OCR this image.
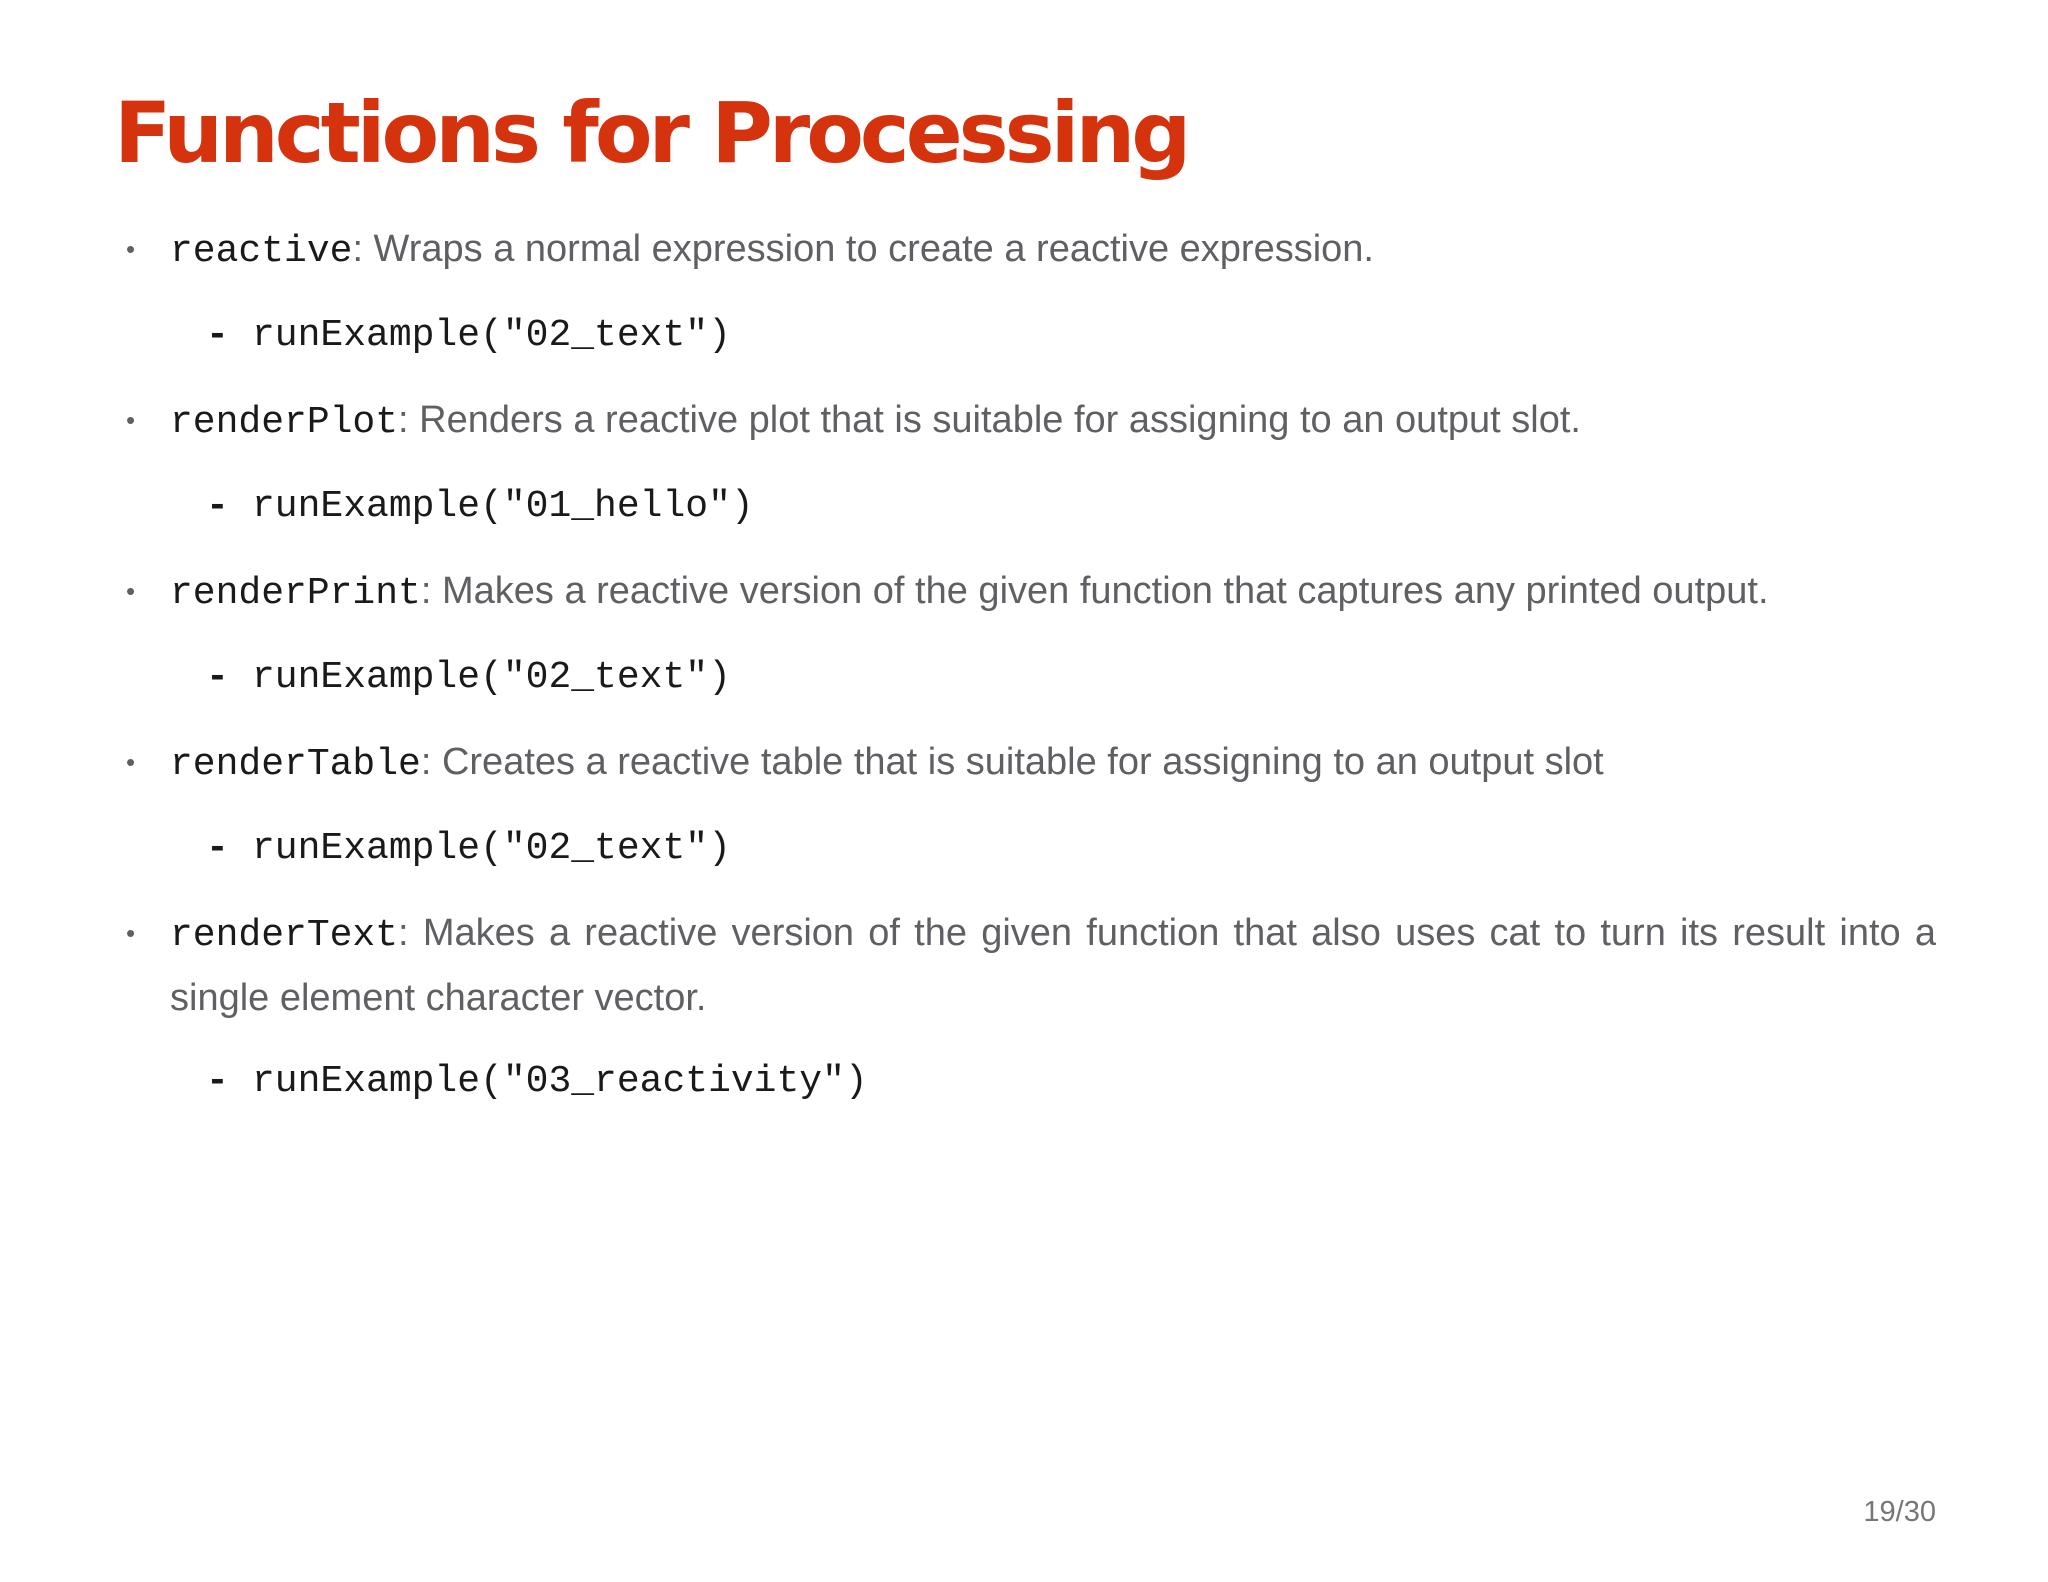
Functions for Processing
• reactive: Wraps a normal expression to create a reactive expression.
- runExample("02_text")
• renderPlot: Renders a reactive plot that is suitable for assigning to an output slot.
- runExample("01_hello")
• renderPrint: Makes a reactive version of the given function that captures any printed output.
- runExample("02_text")
• renderTable: Creates a reactive table that is suitable for assigning to an output slot
- runExample("02_text")
• renderText: Makes a reactive version of the given function that also uses cat to turn its result into a single element character vector.
- runExample("03_reactivity")
19/30
